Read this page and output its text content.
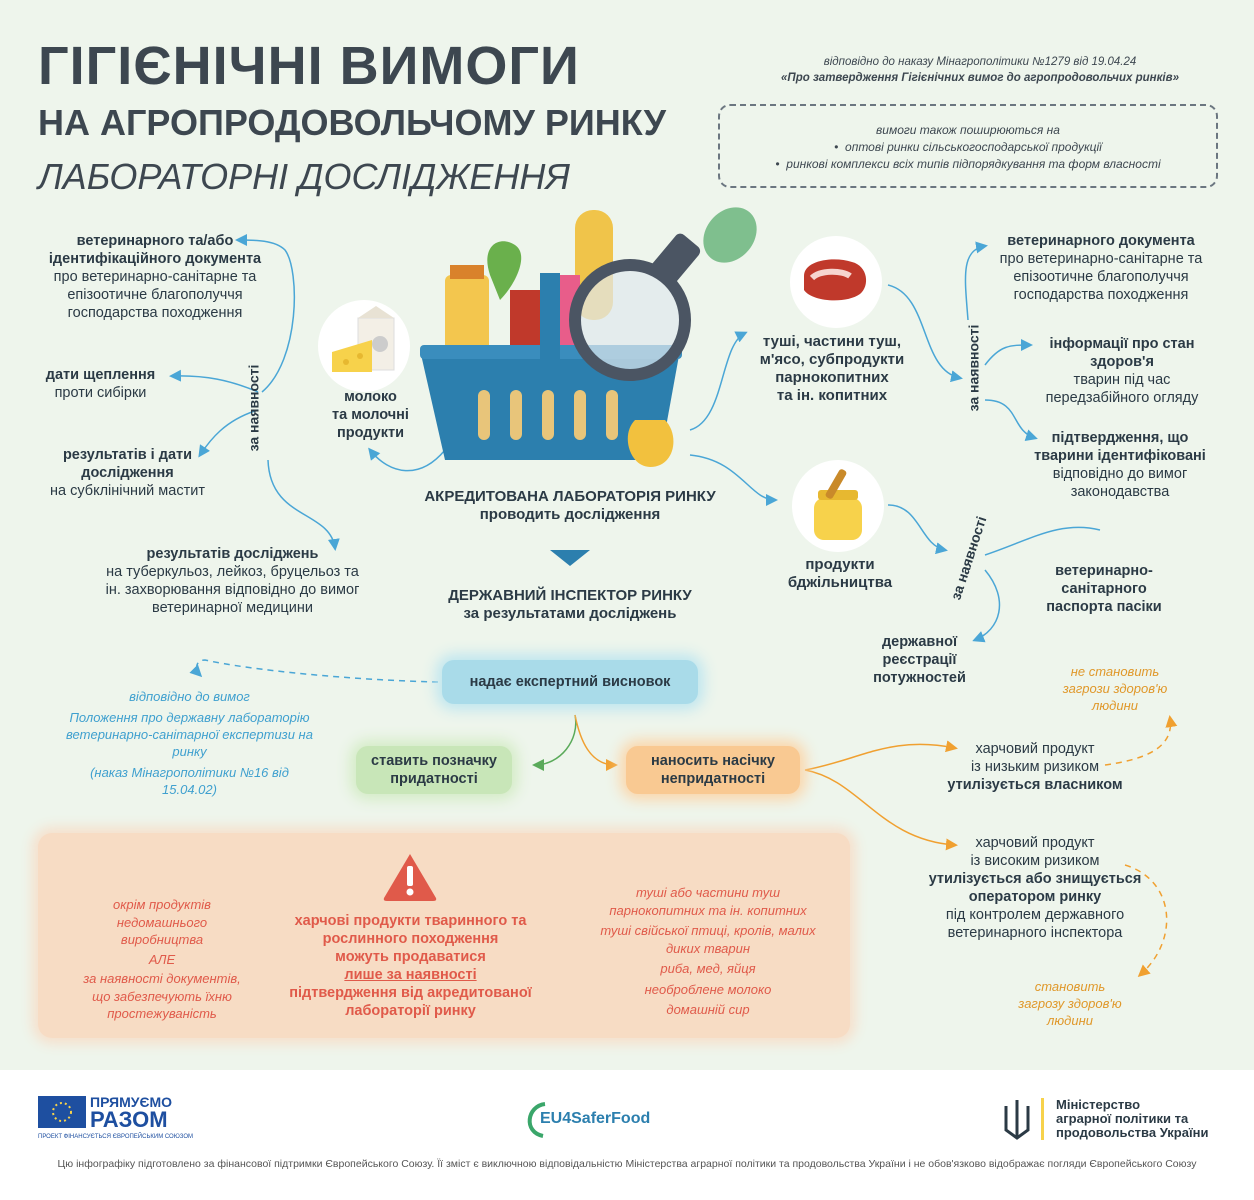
ГІГІЄНІЧНІ ВИМОГИ
НА АГРОПРОДОВОЛЬЧОМУ РИНКУ
ЛАБОРАТОРНІ ДОСЛІДЖЕННЯ
відповідно до наказу Мінагрополітики №1279 від 19.04.24
«Про затвердження Гігієнічних вимог до агропродовольчих ринків»
вимоги також поширюються на
•  оптові ринки сільськогосподарської продукції
•  ринкові комплекси всіх типів підпорядкування та форм власності
ветеринарного та/або ідентифікаційного документа
про ветеринарно-санітарне та епізоотичне благополуччя господарства походження
дати щеплення
проти сибірки
результатів і дати дослідження
на субклінічний мастит
результатів досліджень
на туберкульоз, лейкоз, бруцельоз та ін. захворювання відповідно до вимог ветеринарної медицини
за наявності	молоко
та молочні
продукти
АКРЕДИТОВАНА ЛАБОРАТОРІЯ РИНКУ
проводить дослідження
ДЕРЖАВНИЙ ІНСПЕКТОР РИНКУ
за результатами досліджень
надає експертний висновок
ставить позначку
придатності
наносить насічку
непридатності
відповідно до вимог
Положення про державну лабораторію ветеринарно-санітарної експертизи на ринку
(наказ Мінагрополітики №16 від 15.04.02)
туші, частини туш,
м'ясо, субпродукти
парнокопитних
та ін. копитних	за наявності
ветеринарного документа
про ветеринарно-санітарне та епізоотичне благополуччя господарства походження
інформації про стан здоров'я
тварин під час передзабійного огляду
підтвердження, що тварини ідентифіковані
відповідно до вимог законодавства
продукти
бджільництва	за наявності	ветеринарно-
санітарного
паспорта пасіки
державної
реєстрації
потужностей	не становить
загрози здоров'ю
людини
харчовий продукт
із низьким ризиком
утилізується власником
харчовий продукт
із високим ризиком
утилізується або знищується оператором ринку
під контролем державного ветеринарного інспектора
становить
загрозу здоров'ю
людини
окрім продуктів недомашнього виробництва
АЛЕ
за наявності документів, що забезпечують їхню простежуваність
харчові продукти тваринного та рослинного походження
можуть продаватися
лише за наявності
підтвердження від акредитованої лабораторії ринку
туші або частини туш парнокопитних та ін. копитних
туші свійської птиці, кролів, малих диких тварин
риба, мед, яйця
необроблене молоко
домашній сир
ПРЯМУЄМО
РАЗОМ
ПРОЕКТ ФІНАНСУЄТЬСЯ ЄВРОПЕЙСЬКИМ СОЮЗОМ
EU4SaferFood
Міністерство
аграрної політики та
продовольства України
Цю інфографіку підготовлено за фінансової підтримки Європейського Союзу. Її зміст є виключною відповідальністю Міністерства аграрної політики та продовольства України і не обов'язково відображає погляди Європейського Союзу
